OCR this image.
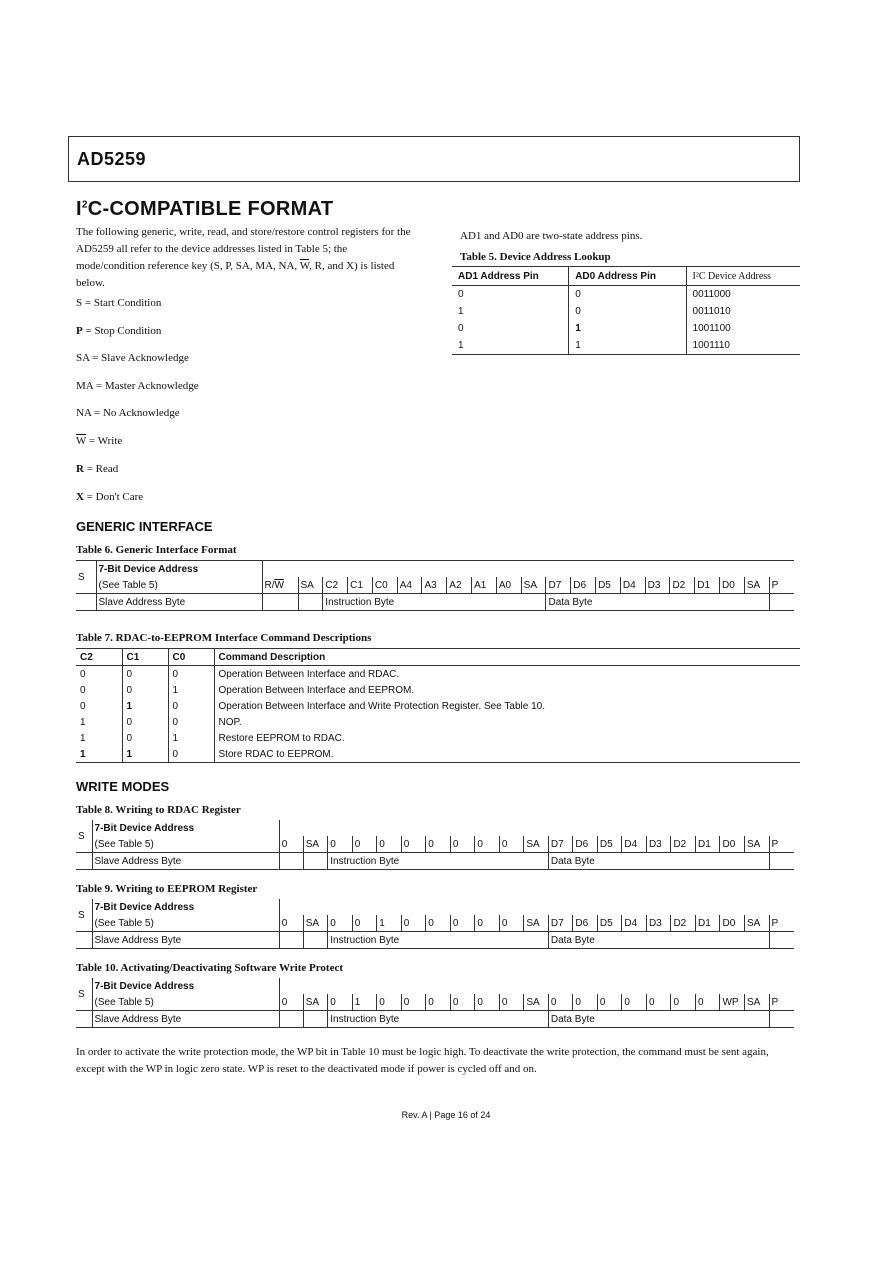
AD5259
$I^2C$-COMPATIBLE FORMAT
The following generic, write, read, and store/restore control registers for the AD5259 all refer to the device addresses listed in Table 5; the mode/condition reference key (S, P, SA, MA, NA, $\overline{W}$, R, and X) is listed below.
S = Start Condition
P = Stop Condition
SA = Slave Acknowledge
MA = Master Acknowledge
NA = No Acknowledge
$\overline{W}$ = Write
R = Read
X = Don't Care
AD1 and AD0 are two-state address pins.
Table 5. Device Address Lookup
AD1 Address Pin	AD0 Address Pin	I²C Device Address
0	0	0011000
1	0	0011010
0	1	1001100
1	1	1001110
GENERIC INTERFACE
Table 6. Generic Interface Format
S	7-Bit Device Address																					
	(See Table 5)	$R/\overline{W}$	SA	C2	C1	C0	A4	A3	A2	A1	A0	SA	D7	D6	D5	D4	D3	D2	D1	D0	SA	P
	Slave Address Byte			Instruction Byte									Data Byte									
Table 7. RDAC-to-EEPROM Interface Command Descriptions
C2	C1	C0	Command Description
0	0	0	Operation Between Interface and RDAC.
0	0	1	Operation Between Interface and EEPROM.
0	1	0	Operation Between Interface and Write Protection Register. See Table 10.
1	0	0	NOP.
1	0	1	Restore EEPROM to RDAC.
1	1	0	Store RDAC to EEPROM.
WRITE MODES
Table 8. Writing to RDAC Register
S	7-Bit Device Address																					
	(See Table 5)	0	SA	0	0	0	0	0	0	0	0	SA	D7	D6	D5	D4	D3	D2	D1	D0	SA	P
	Slave Address Byte			Instruction Byte									Data Byte									
Table 9. Writing to EEPROM Register
S	7-Bit Device Address																					
	(See Table 5)	0	SA	0	0	1	0	0	0	0	0	SA	D7	D6	D5	D4	D3	D2	D1	D0	SA	P
	Slave Address Byte			Instruction Byte									Data Byte									
Table 10. Activating/Deactivating Software Write Protect
S	7-Bit Device Address																					
	(See Table 5)	0	SA	0	1	0	0	0	0	0	0	SA	0	0	0	0	0	0	0	WP	SA	P
	Slave Address Byte			Instruction Byte									Data Byte									
In order to activate the write protection mode, the WP bit in Table 10 must be logic high. To deactivate the write protection, the command must be sent again, except with the WP in logic zero state. WP is reset to the deactivated mode if power is cycled off and on.
Rev. A | Page 16 of 24
